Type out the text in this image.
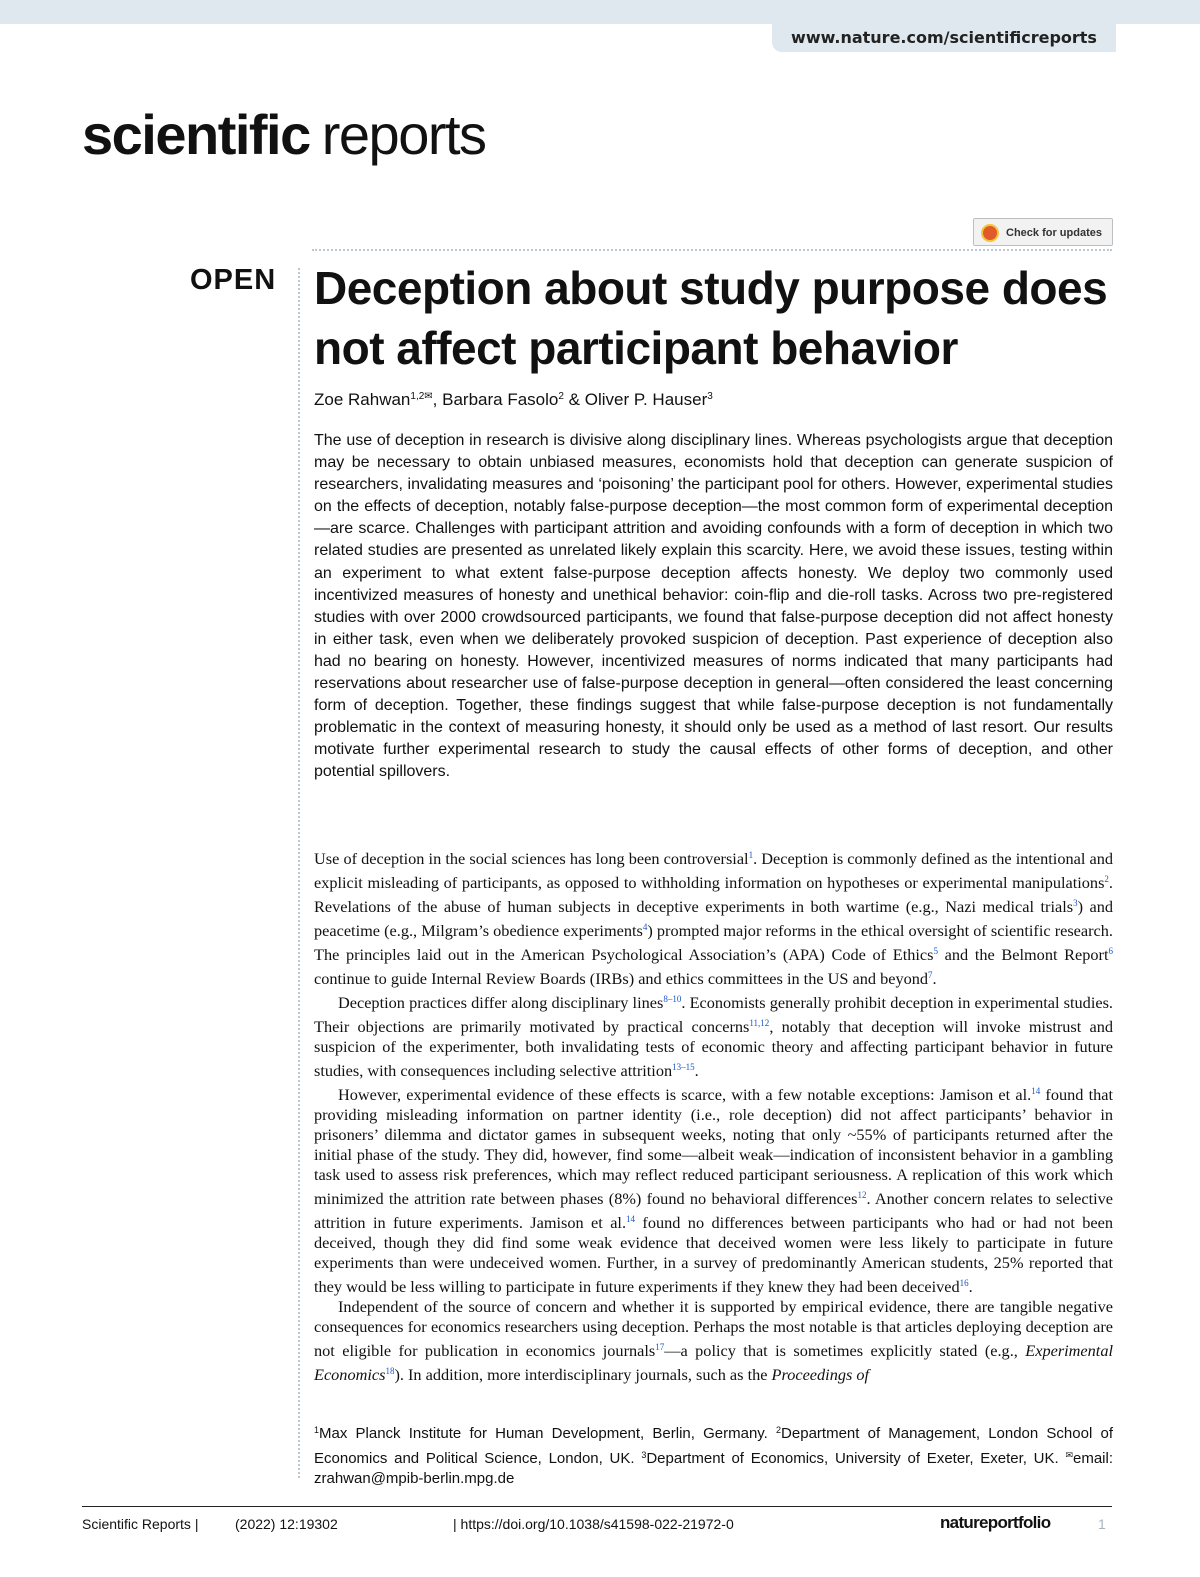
www.nature.com/scientificreports
scientific reports
Check for updates
OPEN Deception about study purpose does not affect participant behavior
Zoe Rahwan$^{1,2✉}$, Barbara Fasolo$^2$ & Oliver P. Hauser$^3$

The use of deception in research is divisive along disciplinary lines. Whereas psychologists argue that deception may be necessary to obtain unbiased measures, economists hold that deception can generate suspicion of researchers, invalidating measures and ‘poisoning’ the participant pool for others. However, experimental studies on the effects of deception, notably false-purpose deception—the most common form of experimental deception—are scarce. Challenges with participant attrition and avoiding confounds with a form of deception in which two related studies are presented as unrelated likely explain this scarcity. Here, we avoid these issues, testing within an experiment to what extent false-purpose deception affects honesty. We deploy two commonly used incentivized measures of honesty and unethical behavior: coin-flip and die-roll tasks. Across two pre-registered studies with over 2000 crowdsourced participants, we found that false-purpose deception did not affect honesty in either task, even when we deliberately provoked suspicion of deception. Past experience of deception also had no bearing on honesty. However, incentivized measures of norms indicated that many participants had reservations about researcher use of false-purpose deception in general—often considered the least concerning form of deception. Together, these findings suggest that while false-purpose deception is not fundamentally problematic in the context of measuring honesty, it should only be used as a method of last resort. Our results motivate further experimental research to study the causal effects of other forms of deception, and other potential spillovers.

Use of deception in the social sciences has long been controversial$^1$. Deception is commonly defined as the intentional and explicit misleading of participants, as opposed to withholding information on hypotheses or experimental manipulations$^2$. Revelations of the abuse of human subjects in deceptive experiments in both wartime (e.g., Nazi medical trials$^3$) and peacetime (e.g., Milgram’s obedience experiments$^4$) prompted major reforms in the ethical oversight of scientific research. The principles laid out in the American Psychological Association’s (APA) Code of Ethics$^5$ and the Belmont Report$^6$ continue to guide Internal Review Boards (IRBs) and ethics committees in the US and beyond$^7$.

Deception practices differ along disciplinary lines$^{8-10}$. Economists generally prohibit deception in experimental studies. Their objections are primarily motivated by practical concerns$^{11,12}$, notably that deception will invoke mistrust and suspicion of the experimenter, both invalidating tests of economic theory and affecting participant behavior in future studies, with consequences including selective attrition$^{13-15}$.

However, experimental evidence of these effects is scarce, with a few notable exceptions: Jamison et al.$^{14}$ found that providing misleading information on partner identity (i.e., role deception) did not affect participants’ behavior in prisoners’ dilemma and dictator games in subsequent weeks, noting that only ~55% of participants returned after the initial phase of the study. They did, however, find some—albeit weak—indication of inconsistent behavior in a gambling task used to assess risk preferences, which may reflect reduced participant seriousness. A replication of this work which minimized the attrition rate between phases (8%) found no behavioral differences$^{12}$. Another concern relates to selective attrition in future experiments. Jamison et al.$^{14}$ found no differences between participants who had or had not been deceived, though they did find some weak evidence that deceived women were less likely to participate in future experiments than were undeceived women. Further, in a survey of predominantly American students, 25% reported that they would be less willing to participate in future experiments if they knew they had been deceived$^{16}$.

Independent of the source of concern and whether it is supported by empirical evidence, there are tangible negative consequences for economics researchers using deception. Perhaps the most notable is that articles deploying deception are not eligible for publication in economics journals$^{17}$—a policy that is sometimes explicitly stated (e.g., Experimental Economics$^{18}$). In addition, more interdisciplinary journals, such as the Proceedings of

$^1$Max Planck Institute for Human Development, Berlin, Germany. $^2$Department of Management, London School of Economics and Political Science, London, UK. $^3$Department of Economics, University of Exeter, Exeter, UK. ✉email: zrahwan@mpib-berlin.mpg.de

Scientific Reports |	(2022) 12:19302	| https://doi.org/10.1038/s41598-022-21972-0	natureportfolio	1
